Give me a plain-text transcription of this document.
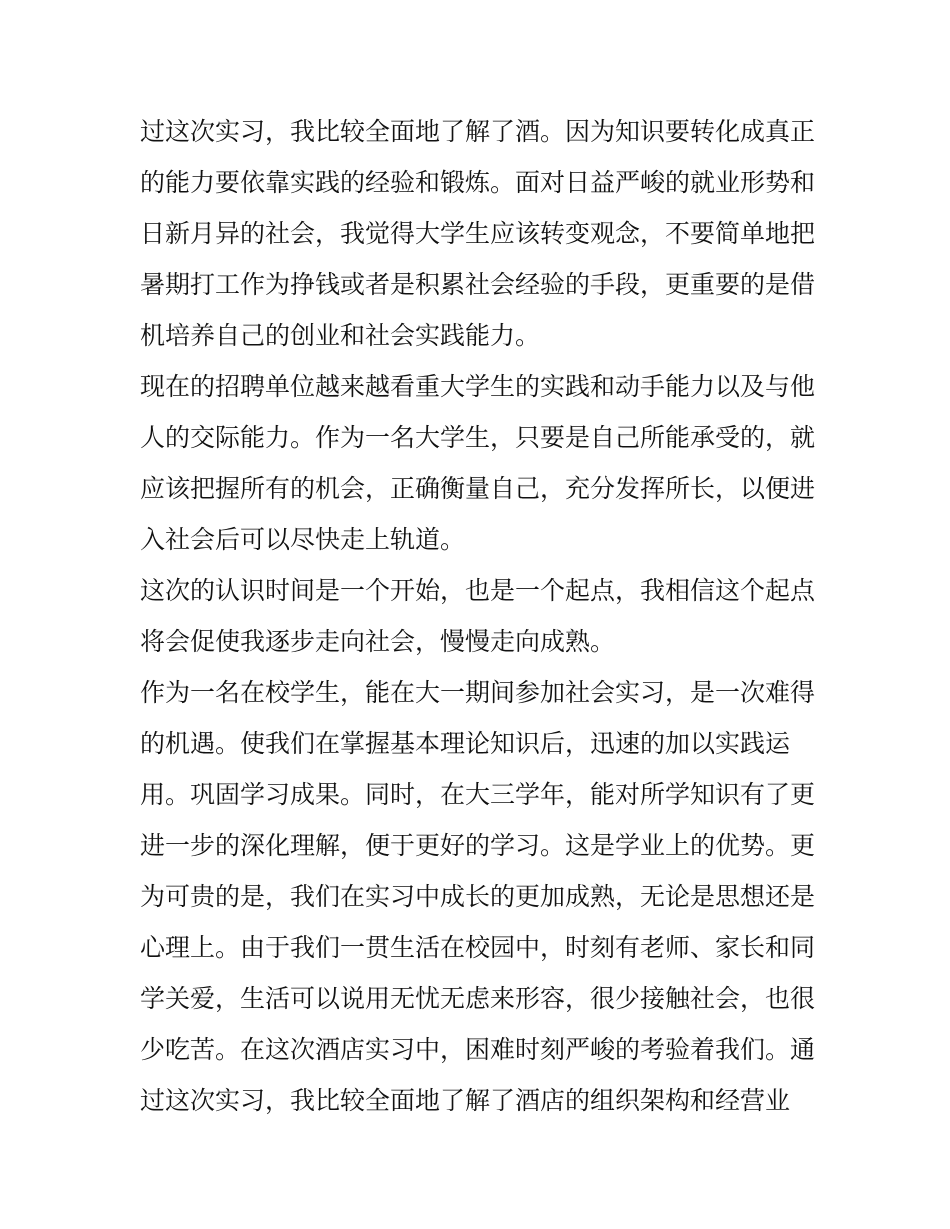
过这次实习，我比较全面地了解了酒。因为知识要转化成真正
的能力要依靠实践的经验和锻炼。面对日益严峻的就业形势和
日新月异的社会，我觉得大学生应该转变观念，不要简单地把
暑期打工作为挣钱或者是积累社会经验的手段，更重要的是借
机培养自己的创业和社会实践能力。
现在的招聘单位越来越看重大学生的实践和动手能力以及与他
人的交际能力。作为一名大学生，只要是自己所能承受的，就
应该把握所有的机会，正确衡量自己，充分发挥所长，以便进
入社会后可以尽快走上轨道。
这次的认识时间是一个开始，也是一个起点，我相信这个起点
将会促使我逐步走向社会，慢慢走向成熟。
作为一名在校学生，能在大一期间参加社会实习，是一次难得
的机遇。使我们在掌握基本理论知识后，迅速的加以实践运
用。巩固学习成果。同时，在大三学年，能对所学知识有了更
进一步的深化理解，便于更好的学习。这是学业上的优势。更
为可贵的是，我们在实习中成长的更加成熟，无论是思想还是
心理上。由于我们一贯生活在校园中，时刻有老师、家长和同
学关爱，生活可以说用无忧无虑来形容，很少接触社会，也很
少吃苦。在这次酒店实习中，困难时刻严峻的考验着我们。通
过这次实习，我比较全面地了解了酒店的组织架构和经营业
